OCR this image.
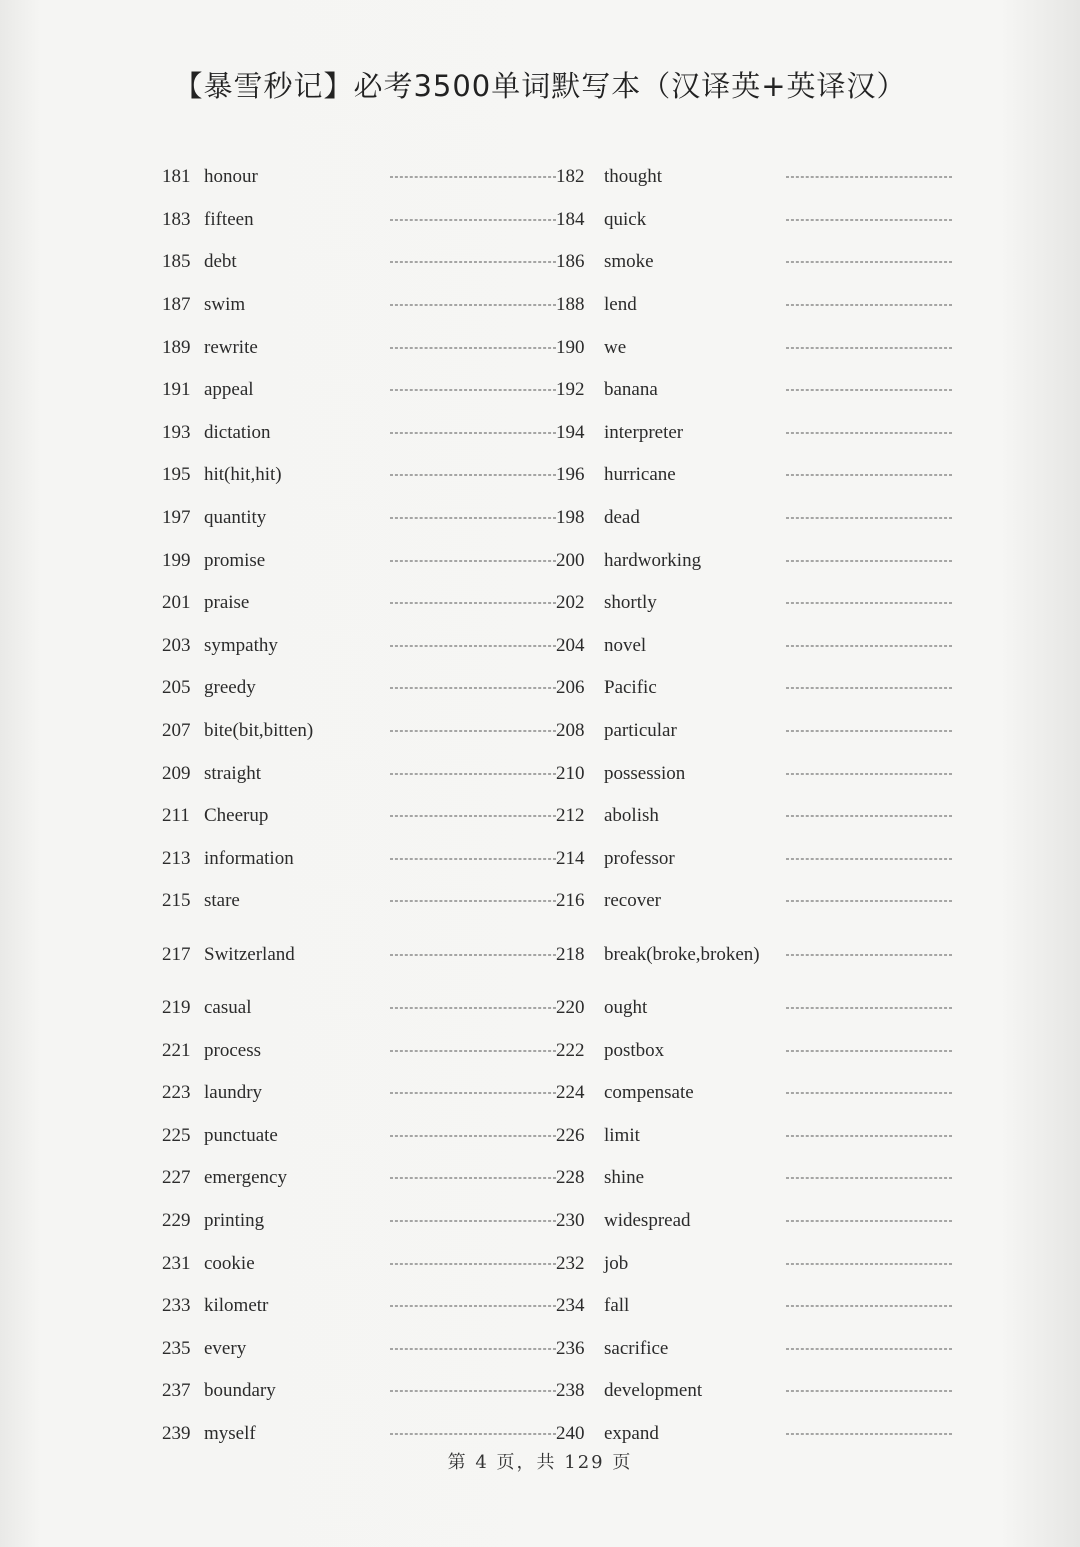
【暴雪秒记】必考3500单词默写本（汉译英+英译汉）
181 honour	182 thought
183 fifteen	184 quick
185 debt	186 smoke
187 swim	188 lend
189 rewrite	190 we
191 appeal	192 banana
193 dictation	194 interpreter
195 hit(hit,hit)	196 hurricane
197 quantity	198 dead
199 promise	200 hardworking
201 praise	202 shortly
203 sympathy	204 novel
205 greedy	206 Pacific
207 bite(bit,bitten)	208 particular
209 straight	210 possession
211 Cheerup	212 abolish
213 information	214 professor
215 stare	216 recover
217 Switzerland	218 break(broke,broken)
219 casual	220 ought
221 process	222 postbox
223 laundry	224 compensate
225 punctuate	226 limit
227 emergency	228 shine
229 printing	230 widespread
231 cookie	232 job
233 kilometr	234 fall
235 every	236 sacrifice
237 boundary	238 development
239 myself	240 expand
第 4 页，共 129 页
